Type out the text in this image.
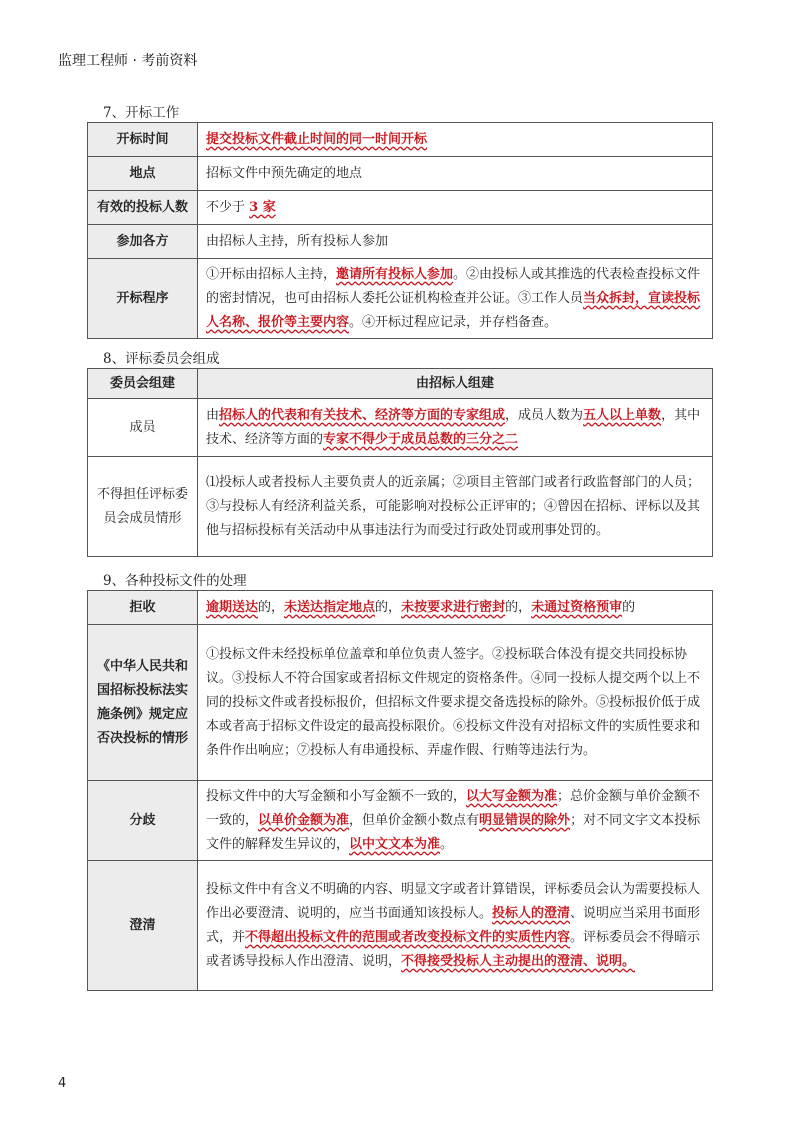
监理工程师 · 考前资料
7、开标工作
开标时间	提交投标文件截止时间的同一时间开标
地点	招标文件中预先确定的地点
有效的投标人数	不少于 3 家
参加各方	由招标人主持，所有投标人参加
开标程序	①开标由招标人主持，邀请所有投标人参加。②由投标人或其推选的代表检查投标文件的密封情况，也可由招标人委托公证机构检查并公证。③工作人员当众拆封，宣读投标人名称、报价等主要内容。④开标过程应记录，并存档备查。
8、评标委员会组成
委员会组建	由招标人组建
成员	由招标人的代表和有关技术、经济等方面的专家组成，成员人数为五人以上单数，其中技术、经济等方面的专家不得少于成员总数的三分之二
不得担任评标委员会成员情形	⑴投标人或者投标人主要负责人的近亲属；②项目主管部门或者行政监督部门的人员；③与投标人有经济利益关系，可能影响对投标公正评审的；④曾因在招标、评标以及其他与招标投标有关活动中从事违法行为而受过行政处罚或刑事处罚的。
9、各种投标文件的处理
拒收	逾期送达的，未送达指定地点的，未按要求进行密封的，未通过资格预审的
《中华人民共和国招标投标法实施条例》规定应否决投标的情形	①投标文件未经投标单位盖章和单位负责人签字。②投标联合体没有提交共同投标协议。③投标人不符合国家或者招标文件规定的资格条件。④同一投标人提交两个以上不同的投标文件或者投标报价，但招标文件要求提交备选投标的除外。⑤投标报价低于成本或者高于招标文件设定的最高投标限价。⑥投标文件没有对招标文件的实质性要求和条件作出响应；⑦投标人有串通投标、弄虚作假、行贿等违法行为。
分歧	投标文件中的大写金额和小写金额不一致的，以大写金额为准；总价金额与单价金额不一致的，以单价金额为准，但单价金额小数点有明显错误的除外；对不同文字文本投标文件的解释发生异议的，以中文文本为准。
澄清	投标文件中有含义不明确的内容、明显文字或者计算错误，评标委员会认为需要投标人作出必要澄清、说明的，应当书面通知该投标人。投标人的澄清、说明应当采用书面形式，并不得超出投标文件的范围或者改变投标文件的实质性内容。评标委员会不得暗示或者诱导投标人作出澄清、说明，不得接受投标人主动提出的澄清、说明。
4
